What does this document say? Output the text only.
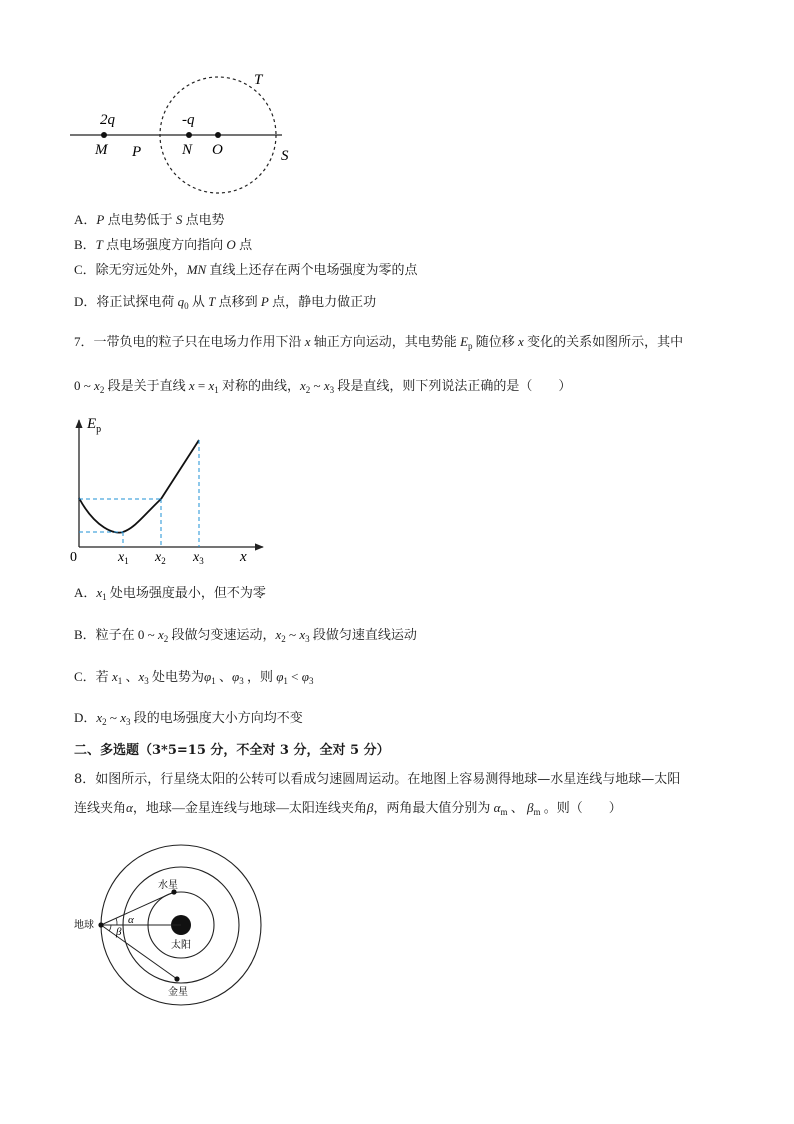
2q	-q
M P	N O	S
T
A．P 点电势低于 S 点电势
B．T 点电场强度方向指向 O 点
C．除无穷远处外，MN 直线上还存在两个电场强度为零的点
D．将正试探电荷 $q_0$ 从 T 点移到 P 点，静电力做正功
7．一带负电的粒子只在电场力作用下沿 x 轴正方向运动，其电势能 $E_p$ 随位移 x 变化的关系如图所示，其中
0 ~ $x_2$ 段是关于直线 $x = x_1$ 对称的曲线，$x_2$ ~ $x_3$ 段是直线，则下列说法正确的是（　　）
$E_p$
0	$x_1$ $x_2$ $x_3$ x
A．$x_1$ 处电场强度最小，但不为零
B．粒子在 0 ~ $x_2$ 段做匀变速运动，$x_2$ ~ $x_3$ 段做匀速直线运动
C．若 $x_1$ 、$x_3$ 处电势为$\varphi_1$ 、$\varphi_3$ ，则 $\varphi_1 < \varphi_3$
D．$x_2$ ~ $x_3$ 段的电场强度大小方向均不变
二、多选题（3*5=15 分，不全对 3 分，全对 5 分）
8．如图所示，行星绕太阳的公转可以看成匀速圆周运动。在地图上容易测得地球—水星连线与地球—太阳
连线夹角α，地球—金星连线与地球—太阳连线夹角β，两角最大值分别为 $\alpha_m$ 、 $\beta_m$ 。则（　　）
α
β
地球
水星
太阳
金星
